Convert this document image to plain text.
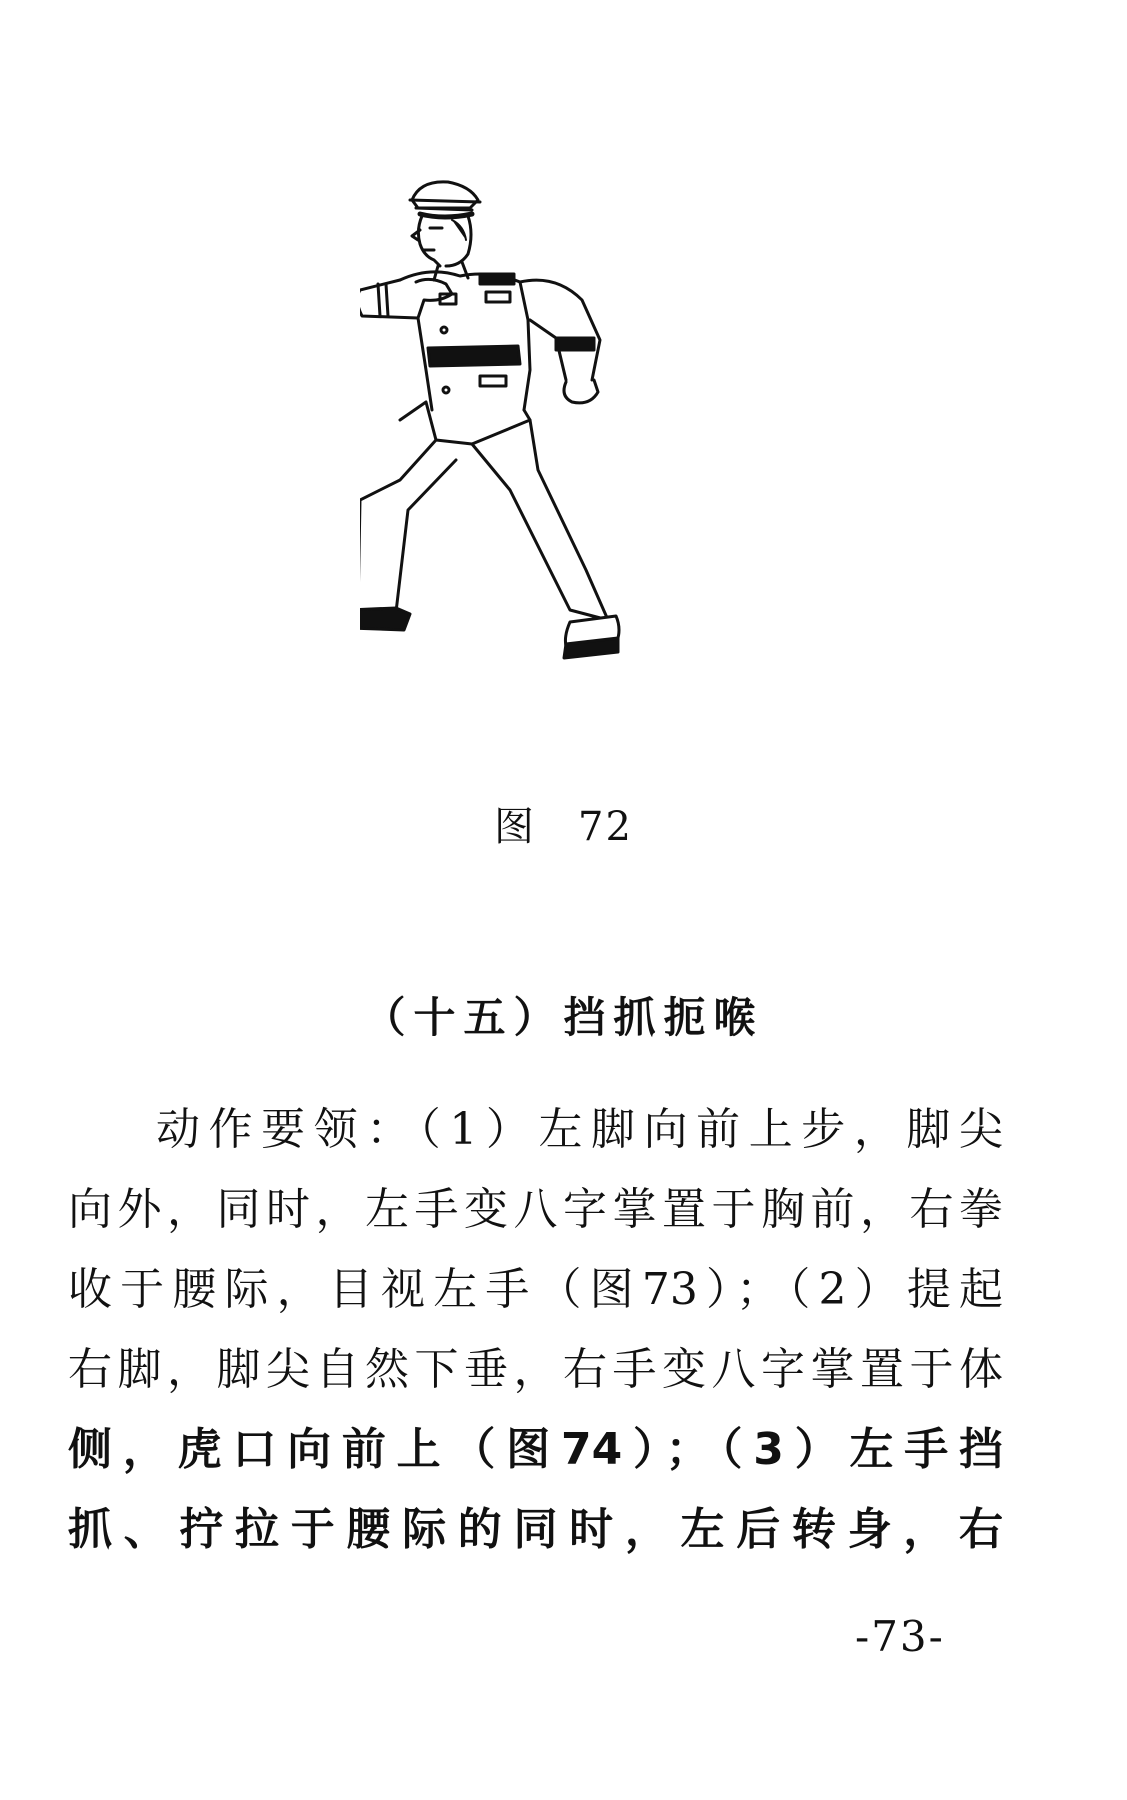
图 72
（十五）挡抓扼喉
动作要领：（1）左脚向前上步，脚尖
向外，同时，左手变八字掌置于胸前，右拳
收于腰际，目视左手（图73）；（2）提起
右脚，脚尖自然下垂，右手变八字掌置于体
侧，虎口向前上（图74）；（3）左手挡
抓、拧拉于腰际的同时，左后转身，右
-73-
